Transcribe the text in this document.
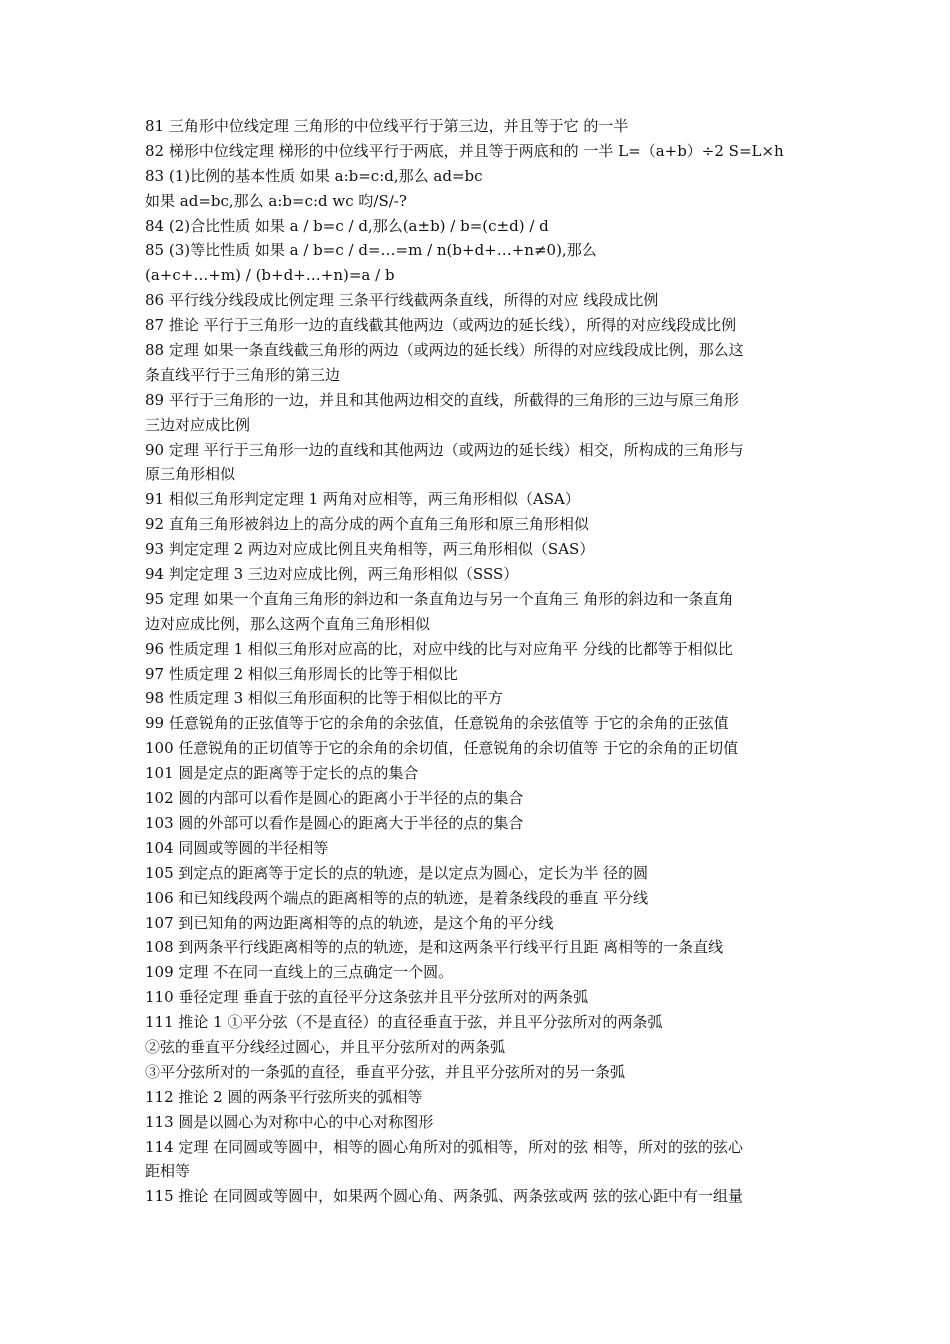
81 三角形中位线定理 三角形的中位线平行于第三边，并且等于它 的一半
82 梯形中位线定理 梯形的中位线平行于两底，并且等于两底和的 一半 L=（a+b）÷2 S=L×h
83 (1)比例的基本性质 如果 a:b=c:d,那么 ad=bc
如果 ad=bc,那么 a:b=c:d wc 呁/S∕-?
84 (2)合比性质 如果 a / b=c / d,那么(a±b) / b=(c±d) / d
85 (3)等比性质 如果 a / b=c / d=…=m / n(b+d+…+n≠0),那么
(a+c+…+m) / (b+d+…+n)=a / b
86 平行线分线段成比例定理 三条平行线截两条直线，所得的对应 线段成比例
87 推论 平行于三角形一边的直线截其他两边（或两边的延长线），所得的对应线段成比例
88 定理 如果一条直线截三角形的两边（或两边的延长线）所得的对应线段成比例，那么这
条直线平行于三角形的第三边
89 平行于三角形的一边，并且和其他两边相交的直线，所截得的三角形的三边与原三角形
三边对应成比例
90 定理 平行于三角形一边的直线和其他两边（或两边的延长线）相交，所构成的三角形与
原三角形相似
91 相似三角形判定定理 1 两角对应相等，两三角形相似（ASA）
92 直角三角形被斜边上的高分成的两个直角三角形和原三角形相似
93 判定定理 2 两边对应成比例且夹角相等，两三角形相似（SAS）
94 判定定理 3 三边对应成比例，两三角形相似（SSS）
95 定理 如果一个直角三角形的斜边和一条直角边与另一个直角三 角形的斜边和一条直角
边对应成比例，那么这两个直角三角形相似
96 性质定理 1 相似三角形对应高的比，对应中线的比与对应角平 分线的比都等于相似比
97 性质定理 2 相似三角形周长的比等于相似比
98 性质定理 3 相似三角形面积的比等于相似比的平方
99 任意锐角的正弦值等于它的余角的余弦值，任意锐角的余弦值等 于它的余角的正弦值
100 任意锐角的正切值等于它的余角的余切值，任意锐角的余切值等 于它的余角的正切值
101 圆是定点的距离等于定长的点的集合
102 圆的内部可以看作是圆心的距离小于半径的点的集合
103 圆的外部可以看作是圆心的距离大于半径的点的集合
104 同圆或等圆的半径相等
105 到定点的距离等于定长的点的轨迹，是以定点为圆心，定长为半 径的圆
106 和已知线段两个端点的距离相等的点的轨迹，是着条线段的垂直 平分线
107 到已知角的两边距离相等的点的轨迹，是这个角的平分线
108 到两条平行线距离相等的点的轨迹，是和这两条平行线平行且距 离相等的一条直线
109 定理 不在同一直线上的三点确定一个圆。
110 垂径定理 垂直于弦的直径平分这条弦并且平分弦所对的两条弧
111 推论 1 ①平分弦（不是直径）的直径垂直于弦，并且平分弦所对的两条弧
②弦的垂直平分线经过圆心，并且平分弦所对的两条弧
③平分弦所对的一条弧的直径，垂直平分弦，并且平分弦所对的另一条弧
112 推论 2 圆的两条平行弦所夹的弧相等
113 圆是以圆心为对称中心的中心对称图形
114 定理 在同圆或等圆中，相等的圆心角所对的弧相等，所对的弦 相等，所对的弦的弦心
距相等
115 推论 在同圆或等圆中，如果两个圆心角、两条弧、两条弦或两 弦的弦心距中有一组量
